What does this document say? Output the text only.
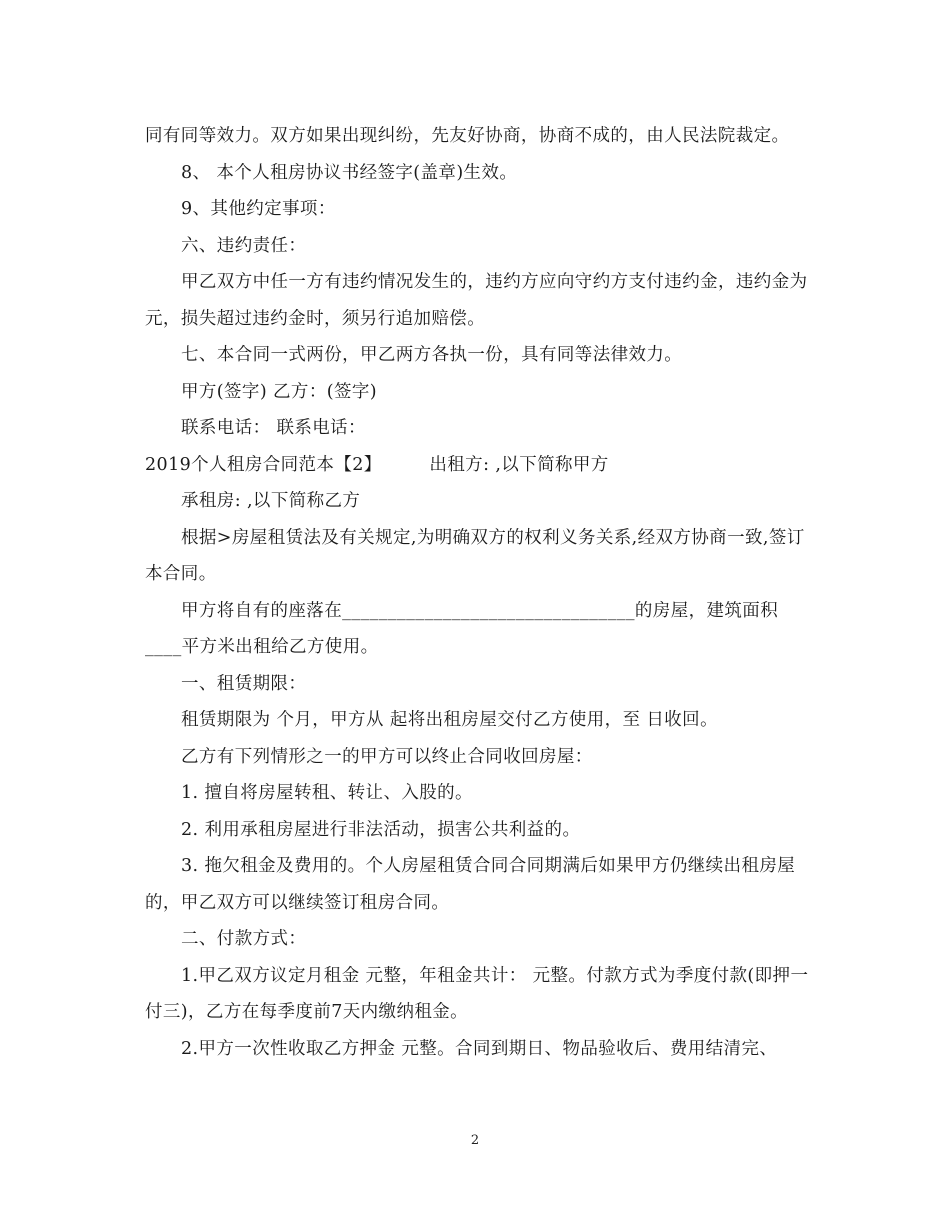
同有同等效力。双方如果出现纠纷，先友好协商，协商不成的，由人民法院裁定。

8、 本个人租房协议书经签字(盖章)生效。

9、其他约定事项：

六、违约责任：

甲乙双方中任一方有违约情况发生的，违约方应向守约方支付违约金，违约金为元，损失超过违约金时，须另行追加赔偿。

七、本合同一式两份，甲乙两方各执一份，具有同等法律效力。

甲方(签字) 乙方：(签字)

联系电话： 联系电话：

2019个人租房合同范本【2】        出租方: ,以下简称甲方

承租房: ,以下简称乙方

根据>房屋租赁法及有关规定,为明确双方的权利义务关系,经双方协商一致,签订本合同。

甲方将自有的座落在________________________________的房屋，建筑面积____平方米出租给乙方使用。

一、租赁期限：

租赁期限为 个月，甲方从 起将出租房屋交付乙方使用，至 日收回。

乙方有下列情形之一的甲方可以终止合同收回房屋：

1. 擅自将房屋转租、转让、入股的。

2. 利用承租房屋进行非法活动，损害公共利益的。

3. 拖欠租金及费用的。个人房屋租赁合同合同期满后如果甲方仍继续出租房屋的，甲乙双方可以继续签订租房合同。

二、付款方式：

1.甲乙双方议定月租金 元整，年租金共计： 元整。付款方式为季度付款(即押一付三)，乙方在每季度前7天内缴纳租金。

2.甲方一次性收取乙方押金 元整。合同到期日、物品验收后、费用结清完、

2
